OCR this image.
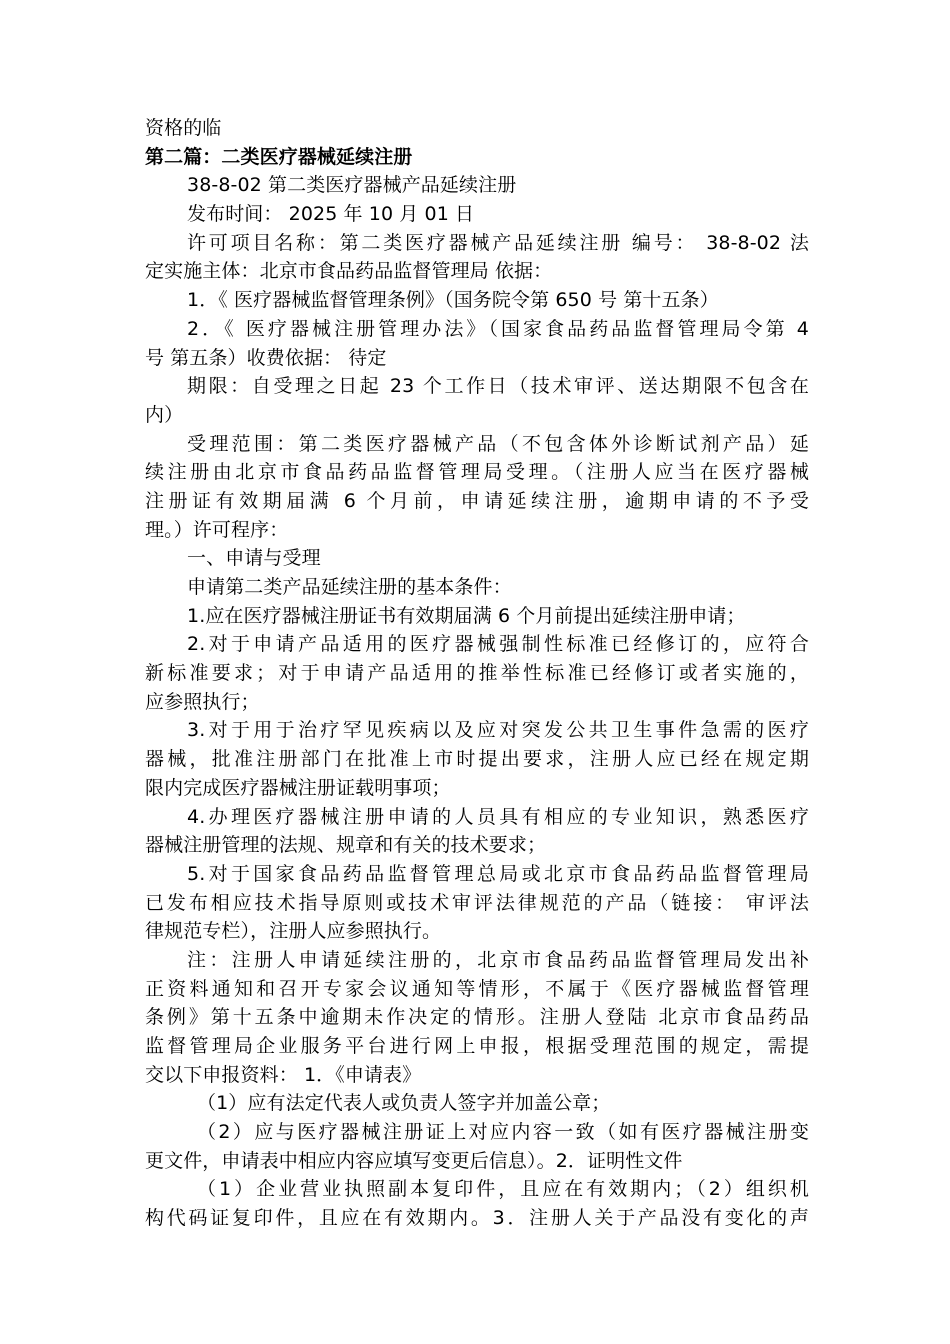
资格的临
第二篇：二类医疗器械延续注册
38-8-02 第二类医疗器械产品延续注册
发布时间： 2025 年 10 月 01 日
许可项目名称：第二类医疗器械产品延续注册 编号： 38-8-02 法
定实施主体：北京市食品药品监督管理局 依据：
1．《 医疗器械监督管理条例》（国务院令第 650 号 第十五条）
2．《 医疗器械注册管理办法》（国家食品药品监督管理局令第 4
号 第五条）收费依据： 待定
期限：自受理之日起 23 个工作日（技术审评、送达期限不包含在
内）
受理范围：第二类医疗器械产品（不包含体外诊断试剂产品）延
续注册由北京市食品药品监督管理局受理。（注册人应当在医疗器械
注册证有效期届满 6 个月前，申请延续注册，逾期申请的不予受
理。）许可程序：
一、申请与受理
申请第二类产品延续注册的基本条件：
1.应在医疗器械注册证书有效期届满 6 个月前提出延续注册申请；
2.对于申请产品适用的医疗器械强制性标准已经修订的，应符合
新标准要求；对于申请产品适用的推举性标准已经修订或者实施的，
应参照执行；
3.对于用于治疗罕见疾病以及应对突发公共卫生事件急需的医疗
器械，批准注册部门在批准上市时提出要求，注册人应已经在规定期
限内完成医疗器械注册证载明事项；
4.办理医疗器械注册申请的人员具有相应的专业知识，熟悉医疗
器械注册管理的法规、规章和有关的技术要求；
5.对于国家食品药品监督管理总局或北京市食品药品监督管理局
已发布相应技术指导原则或技术审评法律规范的产品（链接： 审评法
律规范专栏），注册人应参照执行。
注：注册人申请延续注册的，北京市食品药品监督管理局发出补
正资料通知和召开专家会议通知等情形，不属于《医疗器械监督管理
条例》第十五条中逾期未作决定的情形。注册人登陆 北京市食品药品
监督管理局企业服务平台进行网上申报，根据受理范围的规定，需提
交以下申报资料： 1．《申请表》
（1）应有法定代表人或负责人签字并加盖公章；
（2）应与医疗器械注册证上对应内容一致（如有医疗器械注册变
更文件，申请表中相应内容应填写变更后信息）。2．证明性文件
（1）企业营业执照副本复印件，且应在有效期内；（2）组织机
构代码证复印件，且应在有效期内。3．注册人关于产品没有变化的声
